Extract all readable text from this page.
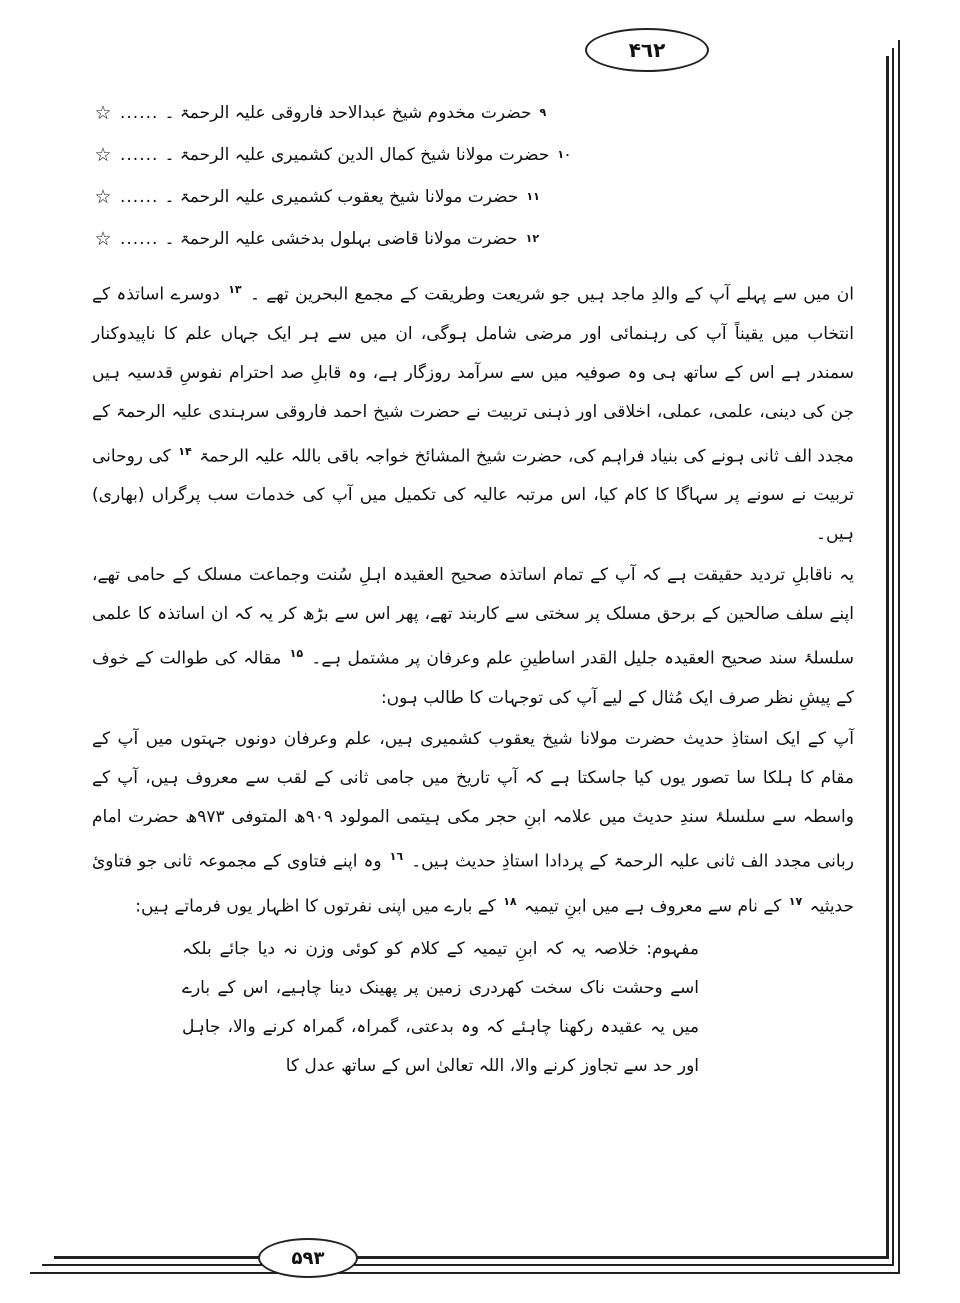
۴٦۲
۵۹۳
☆ ...... حضرت مخدوم شیخ عبدالاحد فاروقی علیہ الرحمۃ ۔ ۹
☆ ...... حضرت مولانا شیخ کمال الدین کشمیری علیہ الرحمۃ ۔ ۱۰
☆ ...... حضرت مولانا شیخ یعقوب کشمیری علیہ الرحمۃ ۔ ۱۱
☆ ...... حضرت مولانا قاضی بہلول بدخشی علیہ الرحمۃ ۔ ۱۲

ان میں سے پہلے آپ کے والدِ ماجد ہیں جو شریعت وطریقت کے مجمع البحرین تھے ۔ $^{۱۳}$ دوسرے اساتذہ کے انتخاب میں یقیناً آپ کی رہنمائی اور مرضی شامل ہوگی، ان میں سے ہر ایک جہاں علم کا ناپیدوکنار سمندر ہے اس کے ساتھ ہی وہ صوفیہ میں سے سرآمد روزگار ہے، وہ قابلِ صد احترام نفوسِ قدسیہ ہیں جن کی دینی، علمی، عملی، اخلاقی اور ذہنی تربیت نے حضرت شیخ احمد فاروقی سرہندی علیہ الرحمۃ کے مجدد الف ثانی ہونے کی بنیاد فراہم کی، حضرت شیخ المشائخ خواجہ باقی باللہ علیہ الرحمۃ $^{۱۴}$ کی روحانی تربیت نے سونے پر سہاگا کا کام کیا، اس مرتبہ عالیہ کی تکمیل میں آپ کی خدمات سب پرگراں (بھاری) ہیں۔

یہ ناقابلِ تردید حقیقت ہے کہ آپ کے تمام اساتذہ صحیح العقیدہ اہلِ سُنت وجماعت مسلک کے حامی تھے، اپنے سلف صالحین کے برحق مسلک پر سختی سے کاربند تھے، پھر اس سے بڑھ کر یہ کہ ان اساتذہ کا علمی سلسلۂ سند صحیح العقیدہ جلیل القدر اساطینِ علم وعرفان پر مشتمل ہے۔ $^{۱۵}$ مقالہ کی طوالت کے خوف کے پیشِ نظر صرف ایک مُثال کے لیے آپ کی توجہات کا طالب ہوں:

آپ کے ایک استاذِ حدیث حضرت مولانا شیخ یعقوب کشمیری ہیں، علم وعرفان دونوں جہتوں میں آپ کے مقام کا ہلکا سا تصور یوں کیا جاسکتا ہے کہ آپ تاریخ میں جامی ثانی کے لقب سے معروف ہیں، آپ کے واسطہ سے سلسلۂ سندِ حدیث میں علامہ ابنِ حجر مکی ہیتمی المولود ۹۰۹ھ المتوفی ۹۷۳ھ حضرت امام ربانی مجدد الف ثانی علیہ الرحمۃ کے پردادا استاذِ حدیث ہیں۔ $^{۱٦}$ وہ اپنے فتاوی کے مجموعہ ثانی جو فتاوئ حدیثیہ $^{۱۷}$ کے نام سے معروف ہے میں ابنِ تیمیہ $^{۱۸}$ کے بارے میں اپنی نفرتوں کا اظہار یوں فرماتے ہیں:

مفہوم: خلاصہ یہ کہ ابنِ تیمیہ کے کلام کو کوئی وزن نہ دیا جائے بلکہ اسے وحشت ناک سخت کھردری زمین پر پھینک دینا چاہیے، اس کے بارے میں یہ عقیدہ رکھنا چاہئے کہ وہ بدعتی، گمراہ، گمراہ کرنے والا، جاہل اور حد سے تجاوز کرنے والا، اللہ تعالیٰ اس کے ساتھ عدل کا
